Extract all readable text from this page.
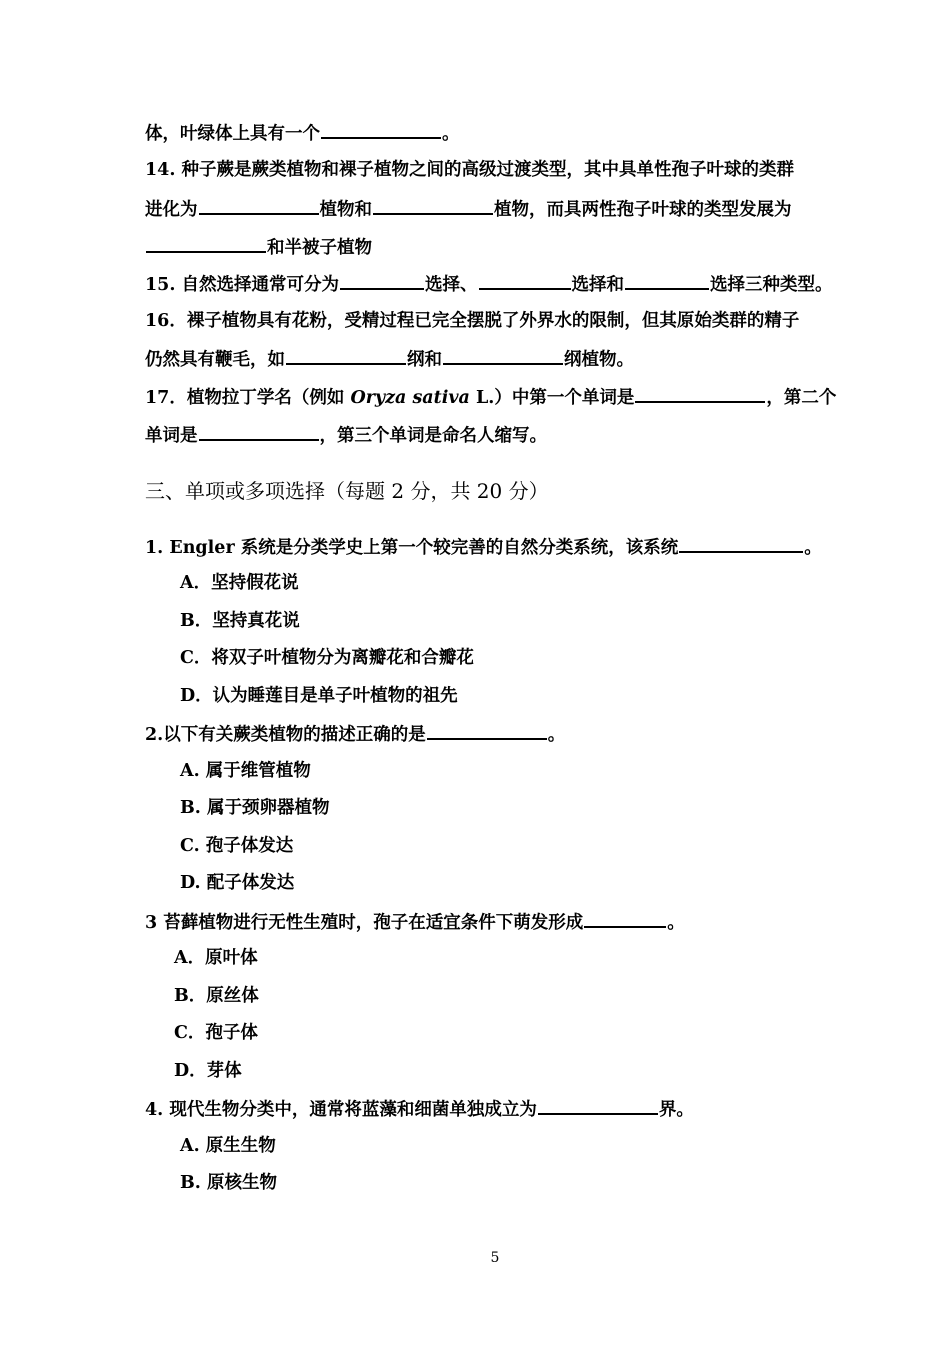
体，叶绿体上具有一个	。
14. 种子蕨是蕨类植物和裸子植物之间的高级过渡类型，其中具单性孢子叶球的类群
进化为	植物和	植物，而具两性孢子叶球的类型发展为
和半被子植物
15. 自然选择通常可分为	选择、	选择和	选择三种类型。
16．裸子植物具有花粉，受精过程已完全摆脱了外界水的限制，但其原始类群的精子
仍然具有鞭毛，如	纲和	纲植物。
17．植物拉丁学名（例如 Oryza sativa L.）中第一个单词是	，第二个
单词是	，第三个单词是命名人缩写。
三、单项或多项选择（每题 2 分，共 20 分）
1. Engler 系统是分类学史上第一个较完善的自然分类系统，该系统	。
A．坚持假花说
B．坚持真花说
C．将双子叶植物分为离瓣花和合瓣花
D．认为睡莲目是单子叶植物的祖先
2.以下有关蕨类植物的描述正确的是	。
A. 属于维管植物
B. 属于颈卵器植物
C. 孢子体发达
D. 配子体发达
3 苔藓植物进行无性生殖时，孢子在适宜条件下萌发形成	。
A．原叶体
B．原丝体
C．孢子体
D．芽体
4. 现代生物分类中，通常将蓝藻和细菌单独成立为	界。
A. 原生生物
B. 原核生物
5
